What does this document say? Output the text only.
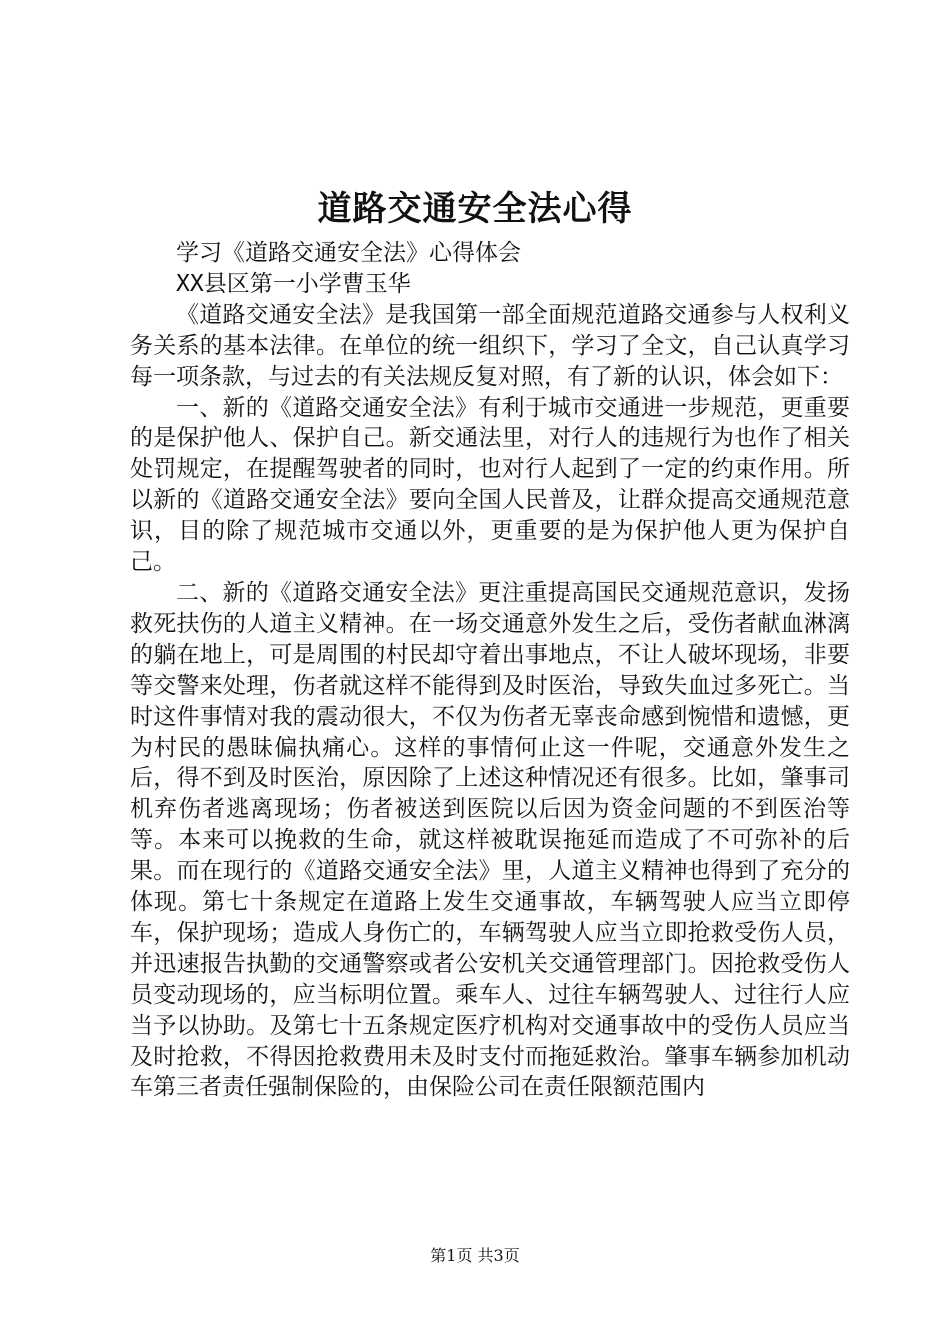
道路交通安全法心得

学习《道路交通安全法》心得体会

XX县区第一小学曹玉华

《道路交通安全法》是我国第一部全面规范道路交通参与人权利义务关系的基本法律。在单位的统一组织下，学习了全文，自己认真学习每一项条款，与过去的有关法规反复对照，有了新的认识，体会如下：

一、新的《道路交通安全法》有利于城市交通进一步规范，更重要的是保护他人、保护自己。新交通法里，对行人的违规行为也作了相关处罚规定，在提醒驾驶者的同时，也对行人起到了一定的约束作用。所以新的《道路交通安全法》要向全国人民普及，让群众提高交通规范意识，目的除了规范城市交通以外，更重要的是为保护他人更为保护自己。

二、新的《道路交通安全法》更注重提高国民交通规范意识，发扬救死扶伤的人道主义精神。在一场交通意外发生之后，受伤者献血淋漓的躺在地上，可是周围的村民却守着出事地点，不让人破坏现场，非要等交警来处理，伤者就这样不能得到及时医治，导致失血过多死亡。当时这件事情对我的震动很大，不仅为伤者无辜丧命感到惋惜和遗憾，更为村民的愚昧偏执痛心。这样的事情何止这一件呢，交通意外发生之后，得不到及时医治，原因除了上述这种情况还有很多。比如，肇事司机弃伤者逃离现场；伤者被送到医院以后因为资金问题的不到医治等等。本来可以挽救的生命，就这样被耽误拖延而造成了不可弥补的后果。而在现行的《道路交通安全法》里，人道主义精神也得到了充分的体现。第七十条规定在道路上发生交通事故，车辆驾驶人应当立即停车，保护现场；造成人身伤亡的，车辆驾驶人应当立即抢救受伤人员，并迅速报告执勤的交通警察或者公安机关交通管理部门。因抢救受伤人员变动现场的，应当标明位置。乘车人、过往车辆驾驶人、过往行人应当予以协助。及第七十五条规定医疗机构对交通事故中的受伤人员应当及时抢救，不得因抢救费用未及时支付而拖延救治。肇事车辆参加机动车第三者责任强制保险的，由保险公司在责任限额范围内

第1页 共3页
